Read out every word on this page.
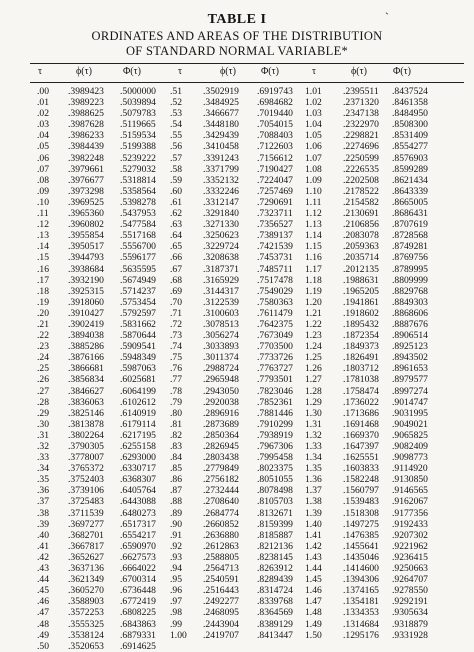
TABLE I	`
ORDINATES AND AREAS OF THE DISTRIBUTION
OF STANDARD NORMAL VARIABLE*
τ	ϕ(τ)	Φ(τ)	τ	ϕ(τ)	Φ(τ)	τ	ϕ(τ)	Φ(τ)
	.00	.3989423	.5000000	.51	.3502919	.6919743	1.01	.2395511	.8437524
	.01	.3989223	.5039894	.52	.3484925	.6984682	1.02	.2371320	.8461358
	.02	.3988625	.5079783	.53	.3466677	.7019440	1.03	.2347138	.8484950
	.03	.3987628	.5119665	.54	.3448180	.7054015	1.04	.2322970	.8508300
	.04	.3986233	.5159534	.55	.3429439	.7088403	1.05	.2298821	.8531409
	.05	.3984439	.5199388	.56	.3410458	.7122603	1.06	.2274696	.8554277
	.06	.3982248	.5239222	.57	.3391243	.7156612	1.07	.2250599	.8576903
	.07	.3979661	.5279032	.58	.3371799	.7190427	1.08	.2226535	.8599289
	.08	.3976677	.5318814	.59	.3352132	.7224047	1.09	.2202508	.8621434
	.09	.3973298	.5358564	.60	.3332246	.7257469	1.10	.2178522	.8643339
	.10	.3969525	.5398278	.61	.3312147	.7290691	1.11	.2154582	.8665005
	.11	.3965360	.5437953	.62	.3291840	.7323711	1.12	.2130691	.8686431
	.12	.3960802	.5477584	.63	.3271330	.7356527	1.13	.2106856	.8707619
	.13	.3955854	.5517168	.64	.3250623	.7389137	1.14	.2083078	.8728568
	.14	.3950517	.5556700	.65	.3229724	.7421539	1.15	.2059363	.8749281
	.15	.3944793	.5596177	.66	.3208638	.7453731	1.16	.2035714	.8769756
	.16	.3938684	.5635595	.67	.3187371	.7485711	1.17	.2012135	.8789995
	.17	.3932190	.5674949	.68	.3165929	.7517478	1.18	.1988631	.8809999
	.18	.3925315	.5714237	.69	.3144317	.7549029	1.19	.1965205	.8829768
	.19	.3918060	.5753454	.70	.3122539	.7580363	1.20	.1941861	.8849303
	.20	.3910427	.5792597	.71	.3100603	.7611479	1.21	.1918602	.8868606
	.21	.3902419	.5831662	.72	.3078513	.7642375	1.22	.1895432	.8887676
	.22	.3894038	.5870644	.73	.3056274	.7673049	1.23	.1872354	.8906514
	.23	.3885286	.5909541	.74	.3033893	.7703500	1.24	.1849373	.8925123
	.24	.3876166	.5948349	.75	.3011374	.7733726	1.25	.1826491	.8943502
	.25	.3866681	.5987063	.76	.2988724	.7763727	1.26	.1803712	.8961653
	.26	.3856834	.6025681	.77	.2965948	.7793501	1.27	.1781038	.8979577
	.27	.3846627	.6064199	.78	.2943050	.7823046	1.28	.1758474	.8997274
	.28	.3836063	.6102612	.79	.2920038	.7852361	1.29	.1736022	.9014747
	.29	.3825146	.6140919	.80	.2896916	.7881446	1.30	.1713686	.9031995
	.30	.3813878	.6179114	.81	.2873689	.7910299	1.31	.1691468	.9049021
	.31	.3802264	.6217195	.82	.2850364	.7938919	1.32	.1669370	.9065825
	.32	.3790305	.6255158	.83	.2826945	.7967306	1.33	.1647397	.9082409
	.33	.3778007	.6293000	.84	.2803438	.7995458	1.34	.1625551	.9098773
	.34	.3765372	.6330717	.85	.2779849	.8023375	1.35	.1603833	.9114920
	.35	.3752403	.6368307	.86	.2756182	.8051055	1.36	.1582248	.9130850
	.36	.3739106	.6405764	.87	.2732444	.8078498	1.37	.1560797	.9146565
	.37	.3725483	.6443088	.88	.2708640	.8105703	1.38	.1539483	.9162067
	.38	.3711539	.6480273	.89	.2684774	.8132671	1.39	.1518308	.9177356
	.39	.3697277	.6517317	.90	.2660852	.8159399	1.40	.1497275	.9192433
	.40	.3682701	.6554217	.91	.2636880	.8185887	1.41	.1476385	.9207302
	.41	.3667817	.6590970	.92	.2612863	.8212136	1.42	.1455641	.9221962
	.42	.3652627	.6627573	.93	.2588805	.8238145	1.43	.1435046	.9236415
	.43	.3637136	.6664022	.94	.2564713	.8263912	1.44	.1414600	.9250663
	.44	.3621349	.6700314	.95	.2540591	.8289439	1.45	.1394306	.9264707
	.45	.3605270	.6736448	.96	.2516443	.8314724	1.46	.1374165	.9278550
	.46	.3588903	.6772419	.97	.2492277	.8339768	1.47	.1354181	.9292191
	.47	.3572253	.6808225	.98	.2468095	.8364569	1.48	.1334353	.9305634
	.48	.3555325	.6843863	.99	.2443904	.8389129	1.49	.1314684	.9318879
	.49	.3538124	.6879331	1.00	.2419707	.8413447	1.50	.1295176	.9331928
	.50	.3520653	.6914625						
